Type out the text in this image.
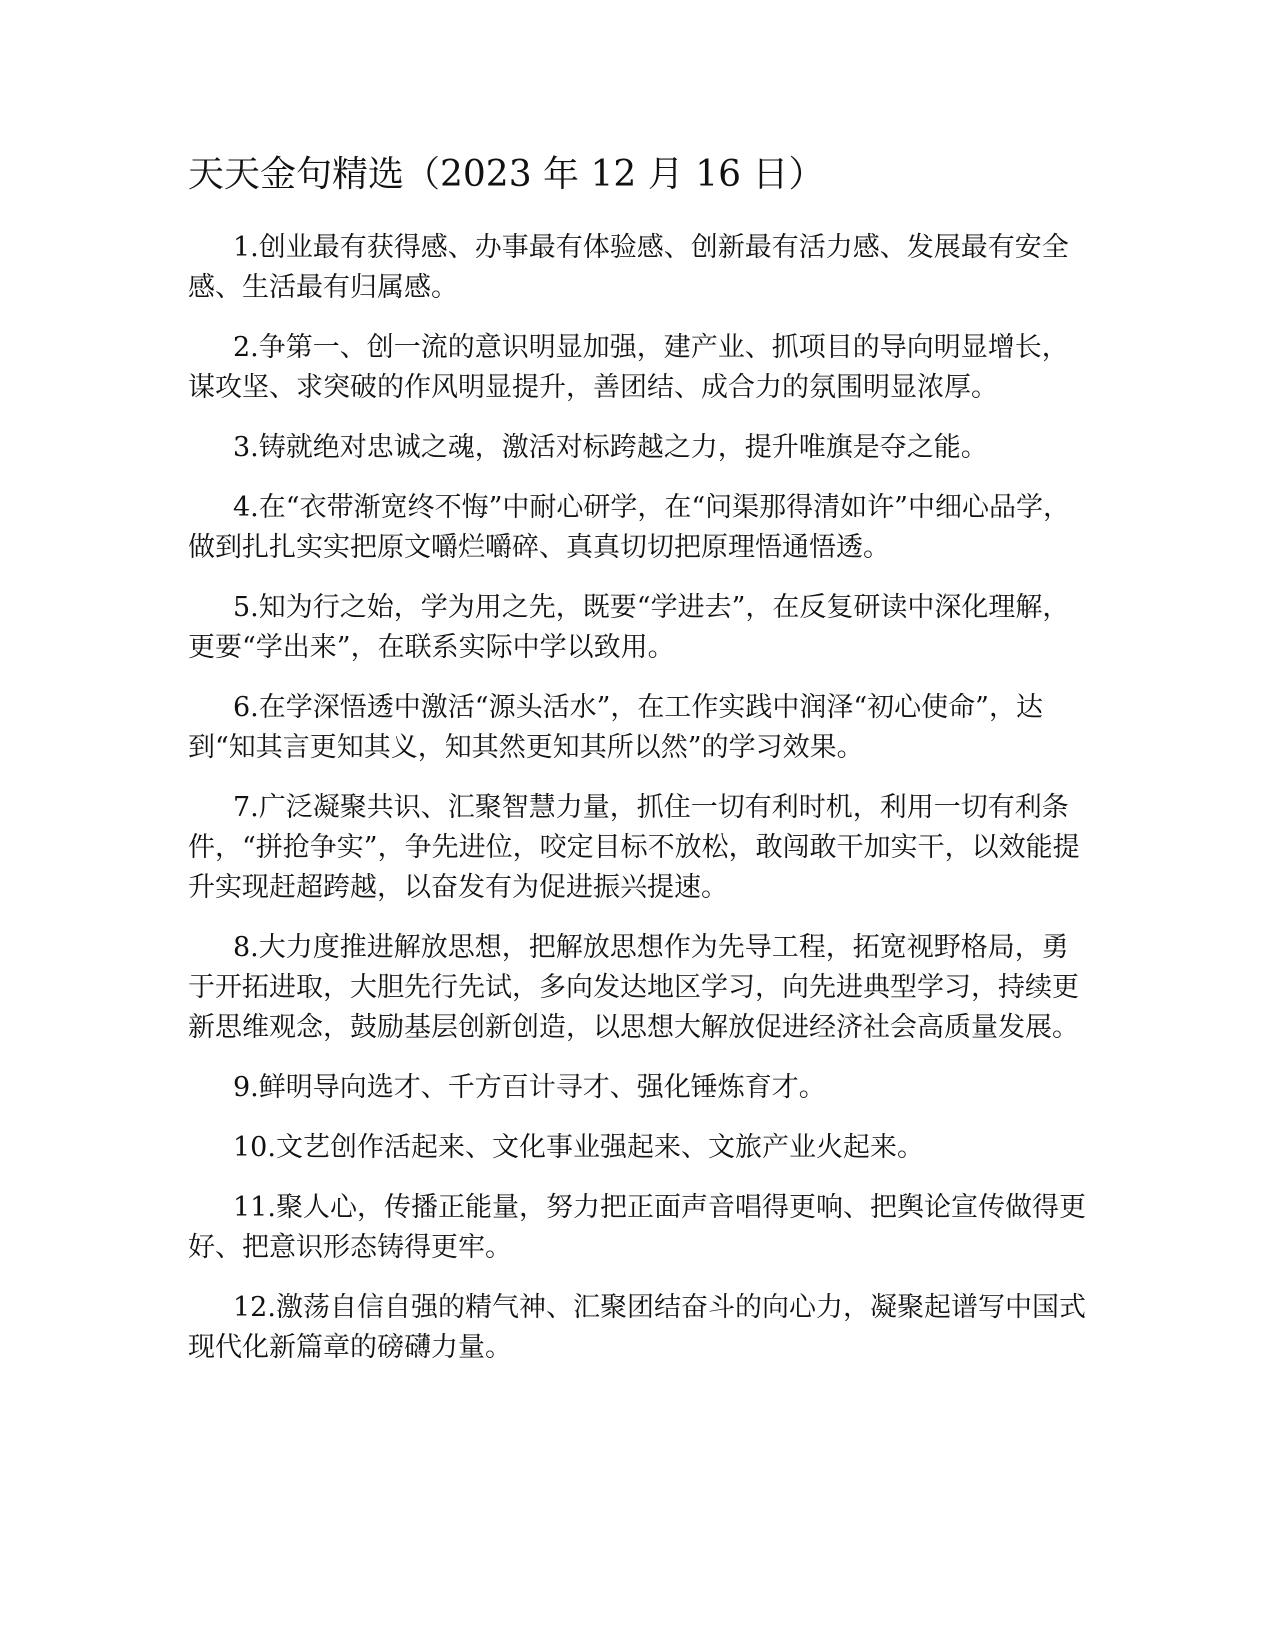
天天金句精选（2023 年 12 月 16 日）

1.创业最有获得感、办事最有体验感、创新最有活力感、发展最有安全感、生活最有归属感。

2.争第一、创一流的意识明显加强，建产业、抓项目的导向明显增长，谋攻坚、求突破的作风明显提升，善团结、成合力的氛围明显浓厚。

3.铸就绝对忠诚之魂，激活对标跨越之力，提升唯旗是夺之能。

4.在“衣带渐宽终不悔”中耐心研学，在“问渠那得清如许”中细心品学，做到扎扎实实把原文嚼烂嚼碎、真真切切把原理悟通悟透。

5.知为行之始，学为用之先，既要“学进去”，在反复研读中深化理解，更要“学出来”，在联系实际中学以致用。

6.在学深悟透中激活“源头活水”，在工作实践中润泽“初心使命”，达到“知其言更知其义，知其然更知其所以然”的学习效果。

7.广泛凝聚共识、汇聚智慧力量，抓住一切有利时机，利用一切有利条件，“拼抢争实”，争先进位，咬定目标不放松，敢闯敢干加实干，以效能提升实现赶超跨越，以奋发有为促进振兴提速。

8.大力度推进解放思想，把解放思想作为先导工程，拓宽视野格局，勇于开拓进取，大胆先行先试，多向发达地区学习，向先进典型学习，持续更新思维观念，鼓励基层创新创造，以思想大解放促进经济社会高质量发展。

9.鲜明导向选才、千方百计寻才、强化锤炼育才。

10.文艺创作活起来、文化事业强起来、文旅产业火起来。

11.聚人心，传播正能量，努力把正面声音唱得更响、把舆论宣传做得更好、把意识形态铸得更牢。

12.激荡自信自强的精气神、汇聚团结奋斗的向心力，凝聚起谱写中国式现代化新篇章的磅礴力量。
